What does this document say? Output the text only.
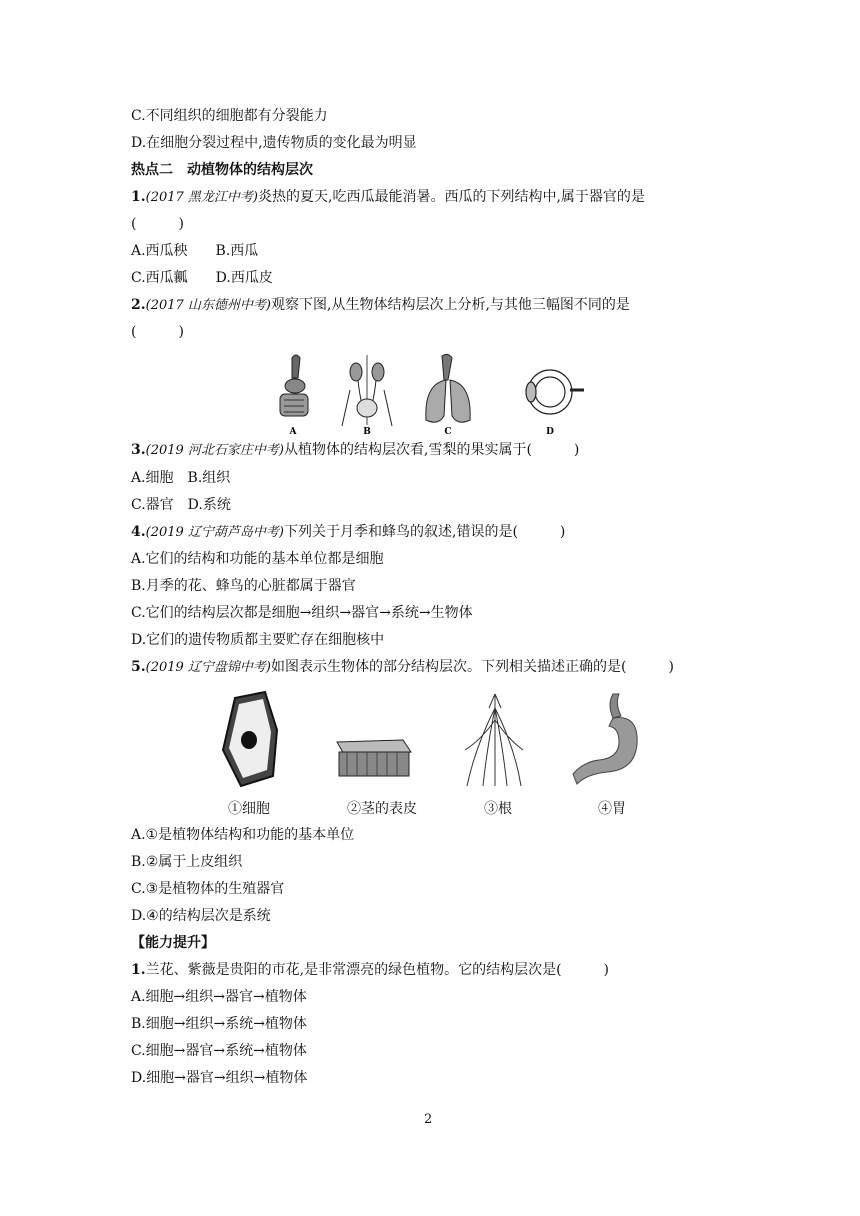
C.不同组织的细胞都有分裂能力
D.在细胞分裂过程中,遗传物质的变化最为明显
热点二　动植物体的结构层次
1.(2017 黑龙江中考)炎热的夏天,吃西瓜最能消暑。西瓜的下列结构中,属于器官的是
(　　　)
A.西瓜秧　　B.西瓜
C.西瓜瓤　　D.西瓜皮
2.(2017 山东德州中考)观察下图,从生物体结构层次上分析,与其他三幅图不同的是
(　　　)
A	B	C	D
3.(2019 河北石家庄中考)从植物体的结构层次看,雪梨的果实属于(　　　)
A.细胞　B.组织
C.器官　D.系统
4.(2019 辽宁葫芦岛中考)下列关于月季和蜂鸟的叙述,错误的是(　　　)
A.它们的结构和功能的基本单位都是细胞
B.月季的花、蜂鸟的心脏都属于器官
C.它们的结构层次都是细胞→组织→器官→系统→生物体
D.它们的遗传物质都主要贮存在细胞核中
5.(2019 辽宁盘锦中考)如图表示生物体的部分结构层次。下列相关描述正确的是(　　　)
①细胞	②茎的表皮	③根	④胃
A.①是植物体结构和功能的基本单位
B.②属于上皮组织
C.③是植物体的生殖器官
D.④的结构层次是系统
【能力提升】
1.兰花、紫薇是贵阳的市花,是非常漂亮的绿色植物。它的结构层次是(　　　)
A.细胞→组织→器官→植物体
B.细胞→组织→系统→植物体
C.细胞→器官→系统→植物体
D.细胞→器官→组织→植物体
2
